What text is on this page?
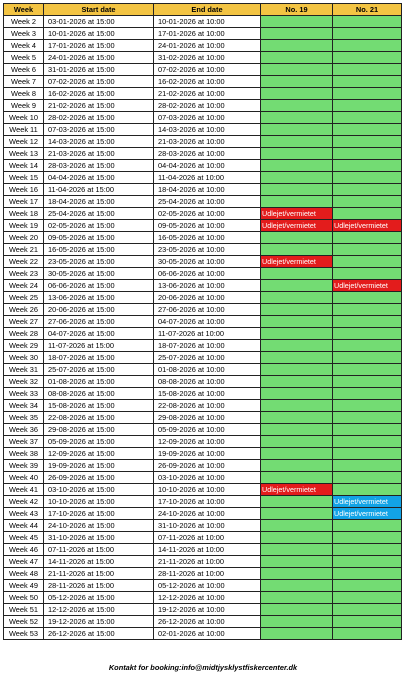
Week	Start date	End date	No. 19	No. 21
Week 2	03-01-2026 at 15:00	10-01-2026 at 10:00		
Week 3	10-01-2026 at 15:00	17-01-2026 at 10:00		
Week 4	17-01-2026 at 15:00	24-01-2026 at 10:00		
Week 5	24-01-2026 at 15:00	31-02-2026 at 10:00		
Week 6	31-01-2026 at 15:00	07-02-2026 at 10:00		
Week 7	07-02-2026 at 15:00	16-02-2026 at 10:00		
Week 8	16-02-2026 at 15:00	21-02-2026 at 10:00		
Week 9	21-02-2026 at 15:00	28-02-2026 at 10:00		
Week 10	28-02-2026 at 15:00	07-03-2026 at 10:00		
Week 11	07-03-2026 at 15:00	14-03-2026 at 10:00		
Week 12	14-03-2026 at 15:00	21-03-2026 at 10:00		
Week 13	21-03-2026 at 15:00	28-03-2026 at 10:00		
Week 14	28-03-2026 at 15:00	04-04-2026 at 10:00		
Week 15	04-04-2026 at 15:00	11-04-2026 at 10:00		
Week 16	11-04-2026 at 15:00	18-04-2026 at 10:00		
Week 17	18-04-2026 at 15:00	25-04-2026 at 10:00		
Week 18	25-04-2026 at 15:00	02-05-2026 at 10:00	Udlejet/vermietet	
Week 19	02-05-2026 at 15:00	09-05-2026 at 10:00	Udlejet/vermietet	Udlejet/vermietet
Week 20	09-05-2026 at 15:00	16-05-2026 at 10:00		
Week 21	16-05-2026 at 15:00	23-05-2026 at 10:00		
Week 22	23-05-2026 at 15:00	30-05-2026 at 10:00	Udlejet/vermietet	
Week 23	30-05-2026 at 15:00	06-06-2026 at 10:00		
Week 24	06-06-2026 at 15:00	13-06-2026 at 10:00		Udlejet/vermietet
Week 25	13-06-2026 at 15:00	20-06-2026 at 10:00		
Week 26	20-06-2026 at 15:00	27-06-2026 at 10:00		
Week 27	27-06-2026 at 15:00	04-07-2026 at 10:00		
Week 28	04-07-2026 at 15:00	11-07-2026 at 10:00		
Week 29	11-07-2026 at 15:00	18-07-2026 at 10:00		
Week 30	18-07-2026 at 15:00	25-07-2026 at 10:00		
Week 31	25-07-2026 at 15:00	01-08-2026 at 10:00		
Week 32	01-08-2026 at 15:00	08-08-2026 at 10:00		
Week 33	08-08-2026 at 15:00	15-08-2026 at 10:00		
Week 34	15-08-2026 at 15:00	22-08-2026 at 10:00		
Week 35	22-08-2026 at 15:00	29-08-2026 at 10:00		
Week 36	29-08-2026 at 15:00	05-09-2026 at 10:00		
Week 37	05-09-2026 at 15:00	12-09-2026 at 10:00		
Week 38	12-09-2026 at 15:00	19-09-2026 at 10:00		
Week 39	19-09-2026 at 15:00	26-09-2026 at 10:00		
Week 40	26-09-2026 at 15:00	03-10-2026 at 10:00		
Week 41	03-10-2026 at 15:00	10-10-2026 at 10:00	Udlejet/vermietet	
Week 42	10-10-2026 at 15:00	17-10-2026 at 10:00		Udlejet/vermietet
Week 43	17-10-2026 at 15:00	24-10-2026 at 10:00		Udlejet/vermietet
Week 44	24-10-2026 at 15:00	31-10-2026 at 10:00		
Week 45	31-10-2026 at 15:00	07-11-2026 at 10:00		
Week 46	07-11-2026 at 15:00	14-11-2026 at 10:00		
Week 47	14-11-2026 at 15:00	21-11-2026 at 10:00		
Week 48	21-11-2026 at 15:00	28-11-2026 at 10:00		
Week 49	28-11-2026 at 15:00	05-12-2026 at 10:00		
Week 50	05-12-2026 at 15:00	12-12-2026 at 10:00		
Week 51	12-12-2026 at 15:00	19-12-2026 at 10:00		
Week 52	19-12-2026 at 15:00	26-12-2026 at 10:00		
Week 53	26-12-2026 at 15:00	02-01-2026 at 10:00		
Kontakt for booking:info@midtjysklystfiskercenter.dk
